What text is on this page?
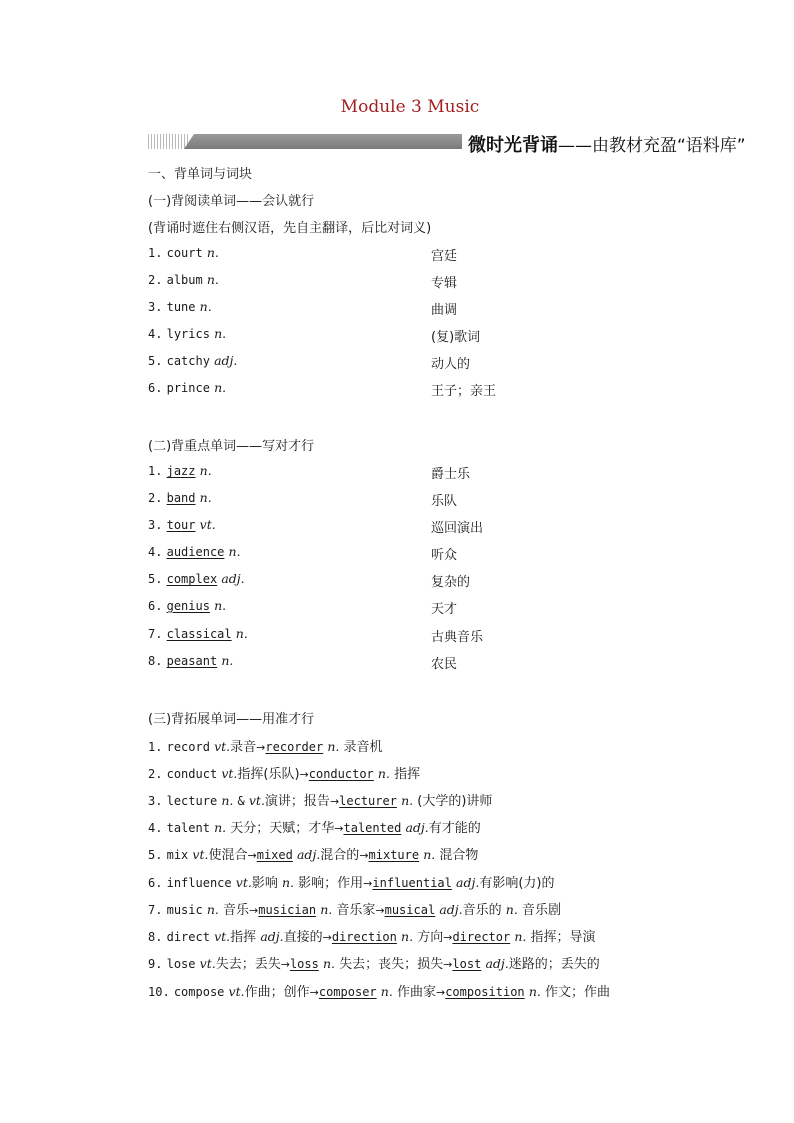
Module 3 Music
微时光背诵——由教材充盈“语料库”
一、背单词与词块
(一)背阅读单词——会认就行
(背诵时遮住右侧汉语，先自主翻译，后比对词义)
1. court n.	宫廷
2. album n.	专辑
3. tune n.	曲调
4. lyrics n.	(复)歌词
5. catchy adj.	动人的
6. prince n.	王子；亲王
(二)背重点单词——写对才行
1. jazz n.	爵士乐
2. band n.	乐队
3. tour vt.	巡回演出
4. audience n.	听众
5. complex adj.	复杂的
6. genius n.	天才
7. classical n.	古典音乐
8. peasant n.	农民
(三)背拓展单词——用准才行
1. record vt.录音→recorder n. 录音机
2. conduct vt.指挥(乐队)→conductor n. 指挥
3. lecture n. & vt.演讲；报告→lecturer n. (大学的)讲师
4. talent n. 天分；天赋；才华→talented adj.有才能的
5. mix vt.使混合→mixed adj.混合的→mixture n. 混合物
6. influence vt.影响 n. 影响；作用→influential adj.有影响(力)的
7. music n. 音乐→musician n. 音乐家→musical adj.音乐的 n. 音乐剧
8. direct vt.指挥 adj.直接的→direction n. 方向→director n. 指挥；导演
9. lose vt.失去；丢失→loss n. 失去；丧失；损失→lost adj.迷路的；丢失的
10. compose vt.作曲；创作→composer n. 作曲家→composition n. 作文；作曲
